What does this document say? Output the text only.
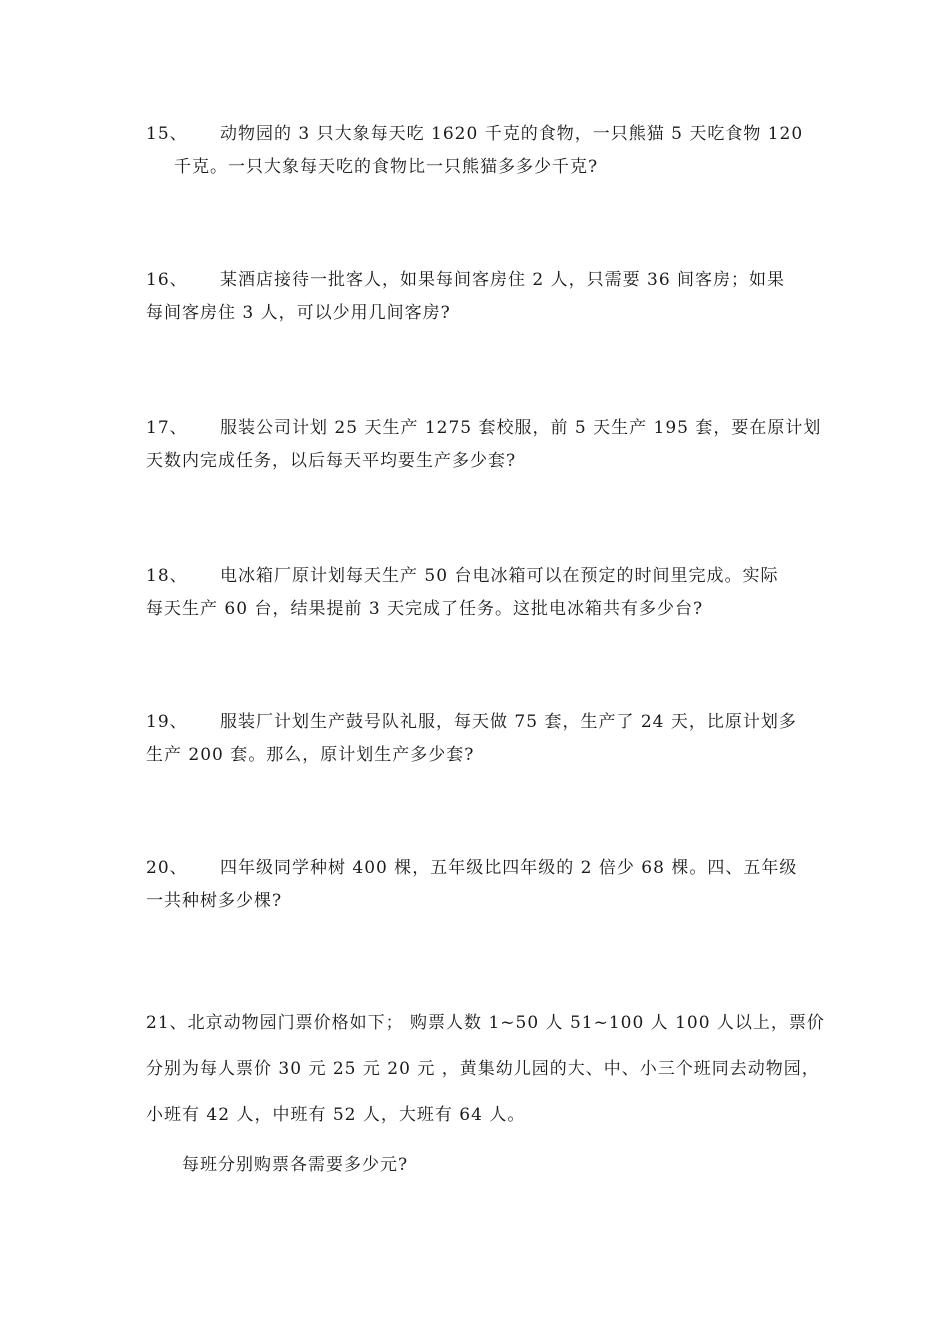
15、 动物园的 3 只大象每天吃 1620 千克的食物，一只熊猫 5 天吃食物 120
千克。一只大象每天吃的食物比一只熊猫多多少千克?
16、 某酒店接待一批客人，如果每间客房住 2 人，只需要 36 间客房；如果
每间客房住 3 人，可以少用几间客房?
17、 服装公司计划 25 天生产 1275 套校服，前 5 天生产 195 套，要在原计划
天数内完成任务，以后每天平均要生产多少套?
18、 电冰箱厂原计划每天生产 50 台电冰箱可以在预定的时间里完成。实际
每天生产 60 台，结果提前 3 天完成了任务。这批电冰箱共有多少台?
19、 服装厂计划生产鼓号队礼服，每天做 75 套，生产了 24 天，比原计划多
生产 200 套。那么，原计划生产多少套?
20、 四年级同学种树 400 棵，五年级比四年级的 2 倍少 68 棵。四、五年级
一共种树多少棵?
21、北京动物园门票价格如下； 购票人数 1~50 人 51~100 人 100 人以上，票价
分别为每人票价 30 元 25 元 20 元 ，黄集幼儿园的大、中、小三个班同去动物园，
小班有 42 人，中班有 52 人，大班有 64 人。
每班分别购票各需要多少元?
